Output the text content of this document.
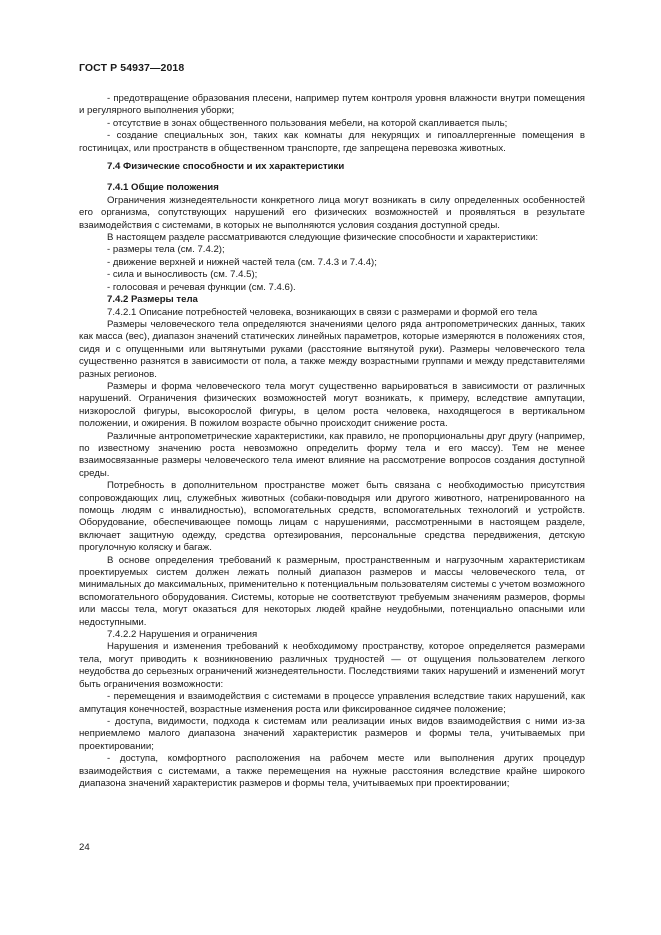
ГОСТ Р 54937—2018

- предотвращение образования плесени, например путем контроля уровня влажности внутри помещения и регулярного выполнения уборки;

- отсутствие в зонах общественного пользования мебели, на которой скапливается пыль;

- создание специальных зон, таких как комнаты для некурящих и гипоаллергенные помещения в гостиницах, или пространств в общественном транспорте, где запрещена перевозка животных.

7.4 Физические способности и их характеристики

7.4.1 Общие положения

Ограничения жизнедеятельности конкретного лица могут возникать в силу определенных особенностей его организма, сопутствующих нарушений его физических возможностей и проявляться в результате взаимодействия с системами, в которых не выполняются условия создания доступной среды.

В настоящем разделе рассматриваются следующие физические способности и характеристики:

- размеры тела (см. 7.4.2);

- движение верхней и нижней частей тела (см. 7.4.3 и 7.4.4);

- сила и выносливость (см. 7.4.5);

- голосовая и речевая функции (см. 7.4.6).

7.4.2 Размеры тела

7.4.2.1 Описание потребностей человека, возникающих в связи с размерами и формой его тела

Размеры человеческого тела определяются значениями целого ряда антропометрических данных, таких как масса (вес), диапазон значений статических линейных параметров, которые измеряются в положениях стоя, сидя и с опущенными или вытянутыми руками (расстояние вытянутой руки). Размеры человеческого тела существенно разнятся в зависимости от пола, а также между возрастными группами и между представителями разных регионов.

Размеры и форма человеческого тела могут существенно варьироваться в зависимости от различных нарушений. Ограничения физических возможностей могут возникать, к примеру, вследствие ампутации, низкорослой фигуры, высокорослой фигуры, в целом роста человека, находящегося в вертикальном положении, и ожирения. В пожилом возрасте обычно происходит снижение роста.

Различные антропометрические характеристики, как правило, не пропорциональны друг другу (например, по известному значению роста невозможно определить форму тела и его массу). Тем не менее взаимосвязанные размеры человеческого тела имеют влияние на рассмотрение вопросов создания доступной среды.

Потребность в дополнительном пространстве может быть связана с необходимостью присутствия сопровождающих лиц, служебных животных (собаки-поводыря или другого животного, натренированного на помощь людям с инвалидностью), вспомогательных средств, вспомогательных технологий и устройств. Оборудование, обеспечивающее помощь лицам с нарушениями, рассмотренными в настоящем разделе, включает защитную одежду, средства ортезирования, персональные средства передвижения, детскую прогулочную коляску и багаж.

В основе определения требований к размерным, пространственным и нагрузочным характеристикам проектируемых систем должен лежать полный диапазон размеров и массы человеческого тела, от минимальных до максимальных, применительно к потенциальным пользователям системы с учетом возможного вспомогательного оборудования. Системы, которые не соответствуют требуемым значениям размеров, формы или массы тела, могут оказаться для некоторых людей крайне неудобными, потенциально опасными или недоступными.

7.4.2.2 Нарушения и ограничения

Нарушения и изменения требований к необходимому пространству, которое определяется размерами тела, могут приводить к возникновению различных трудностей — от ощущения пользователем легкого неудобства до серьезных ограничений жизнедеятельности. Последствиями таких нарушений и изменений могут быть ограничения возможности:

- перемещения и взаимодействия с системами в процессе управления вследствие таких нарушений, как ампутация конечностей, возрастные изменения роста или фиксированное сидячее положение;

- доступа, видимости, подхода к системам или реализации иных видов взаимодействия с ними из-за неприемлемо малого диапазона значений характеристик размеров и формы тела, учитываемых при проектировании;

- доступа, комфортного расположения на рабочем месте или выполнения других процедур взаимодействия с системами, а также перемещения на нужные расстояния вследствие крайне широкого диапазона значений характеристик размеров и формы тела, учитываемых при проектировании;

24
